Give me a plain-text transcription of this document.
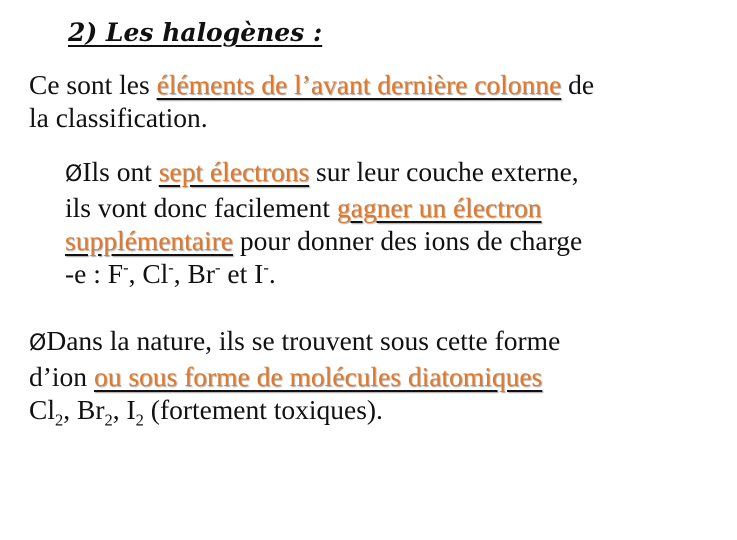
2) Les halogènes :
Ce sont les éléments de l’avant dernière colonne de
la classification.
ØIls ont sept électrons sur leur couche externe,
ils vont donc facilement gagner un électron
supplémentaire pour donner des ions de charge
-e : F-, Cl-, Br- et I-.
ØDans la nature, ils se trouvent sous cette forme
d’ion ou sous forme de molécules diatomiques
$Cl_2$, $Br_2$, $I_2$ (fortement toxiques).
